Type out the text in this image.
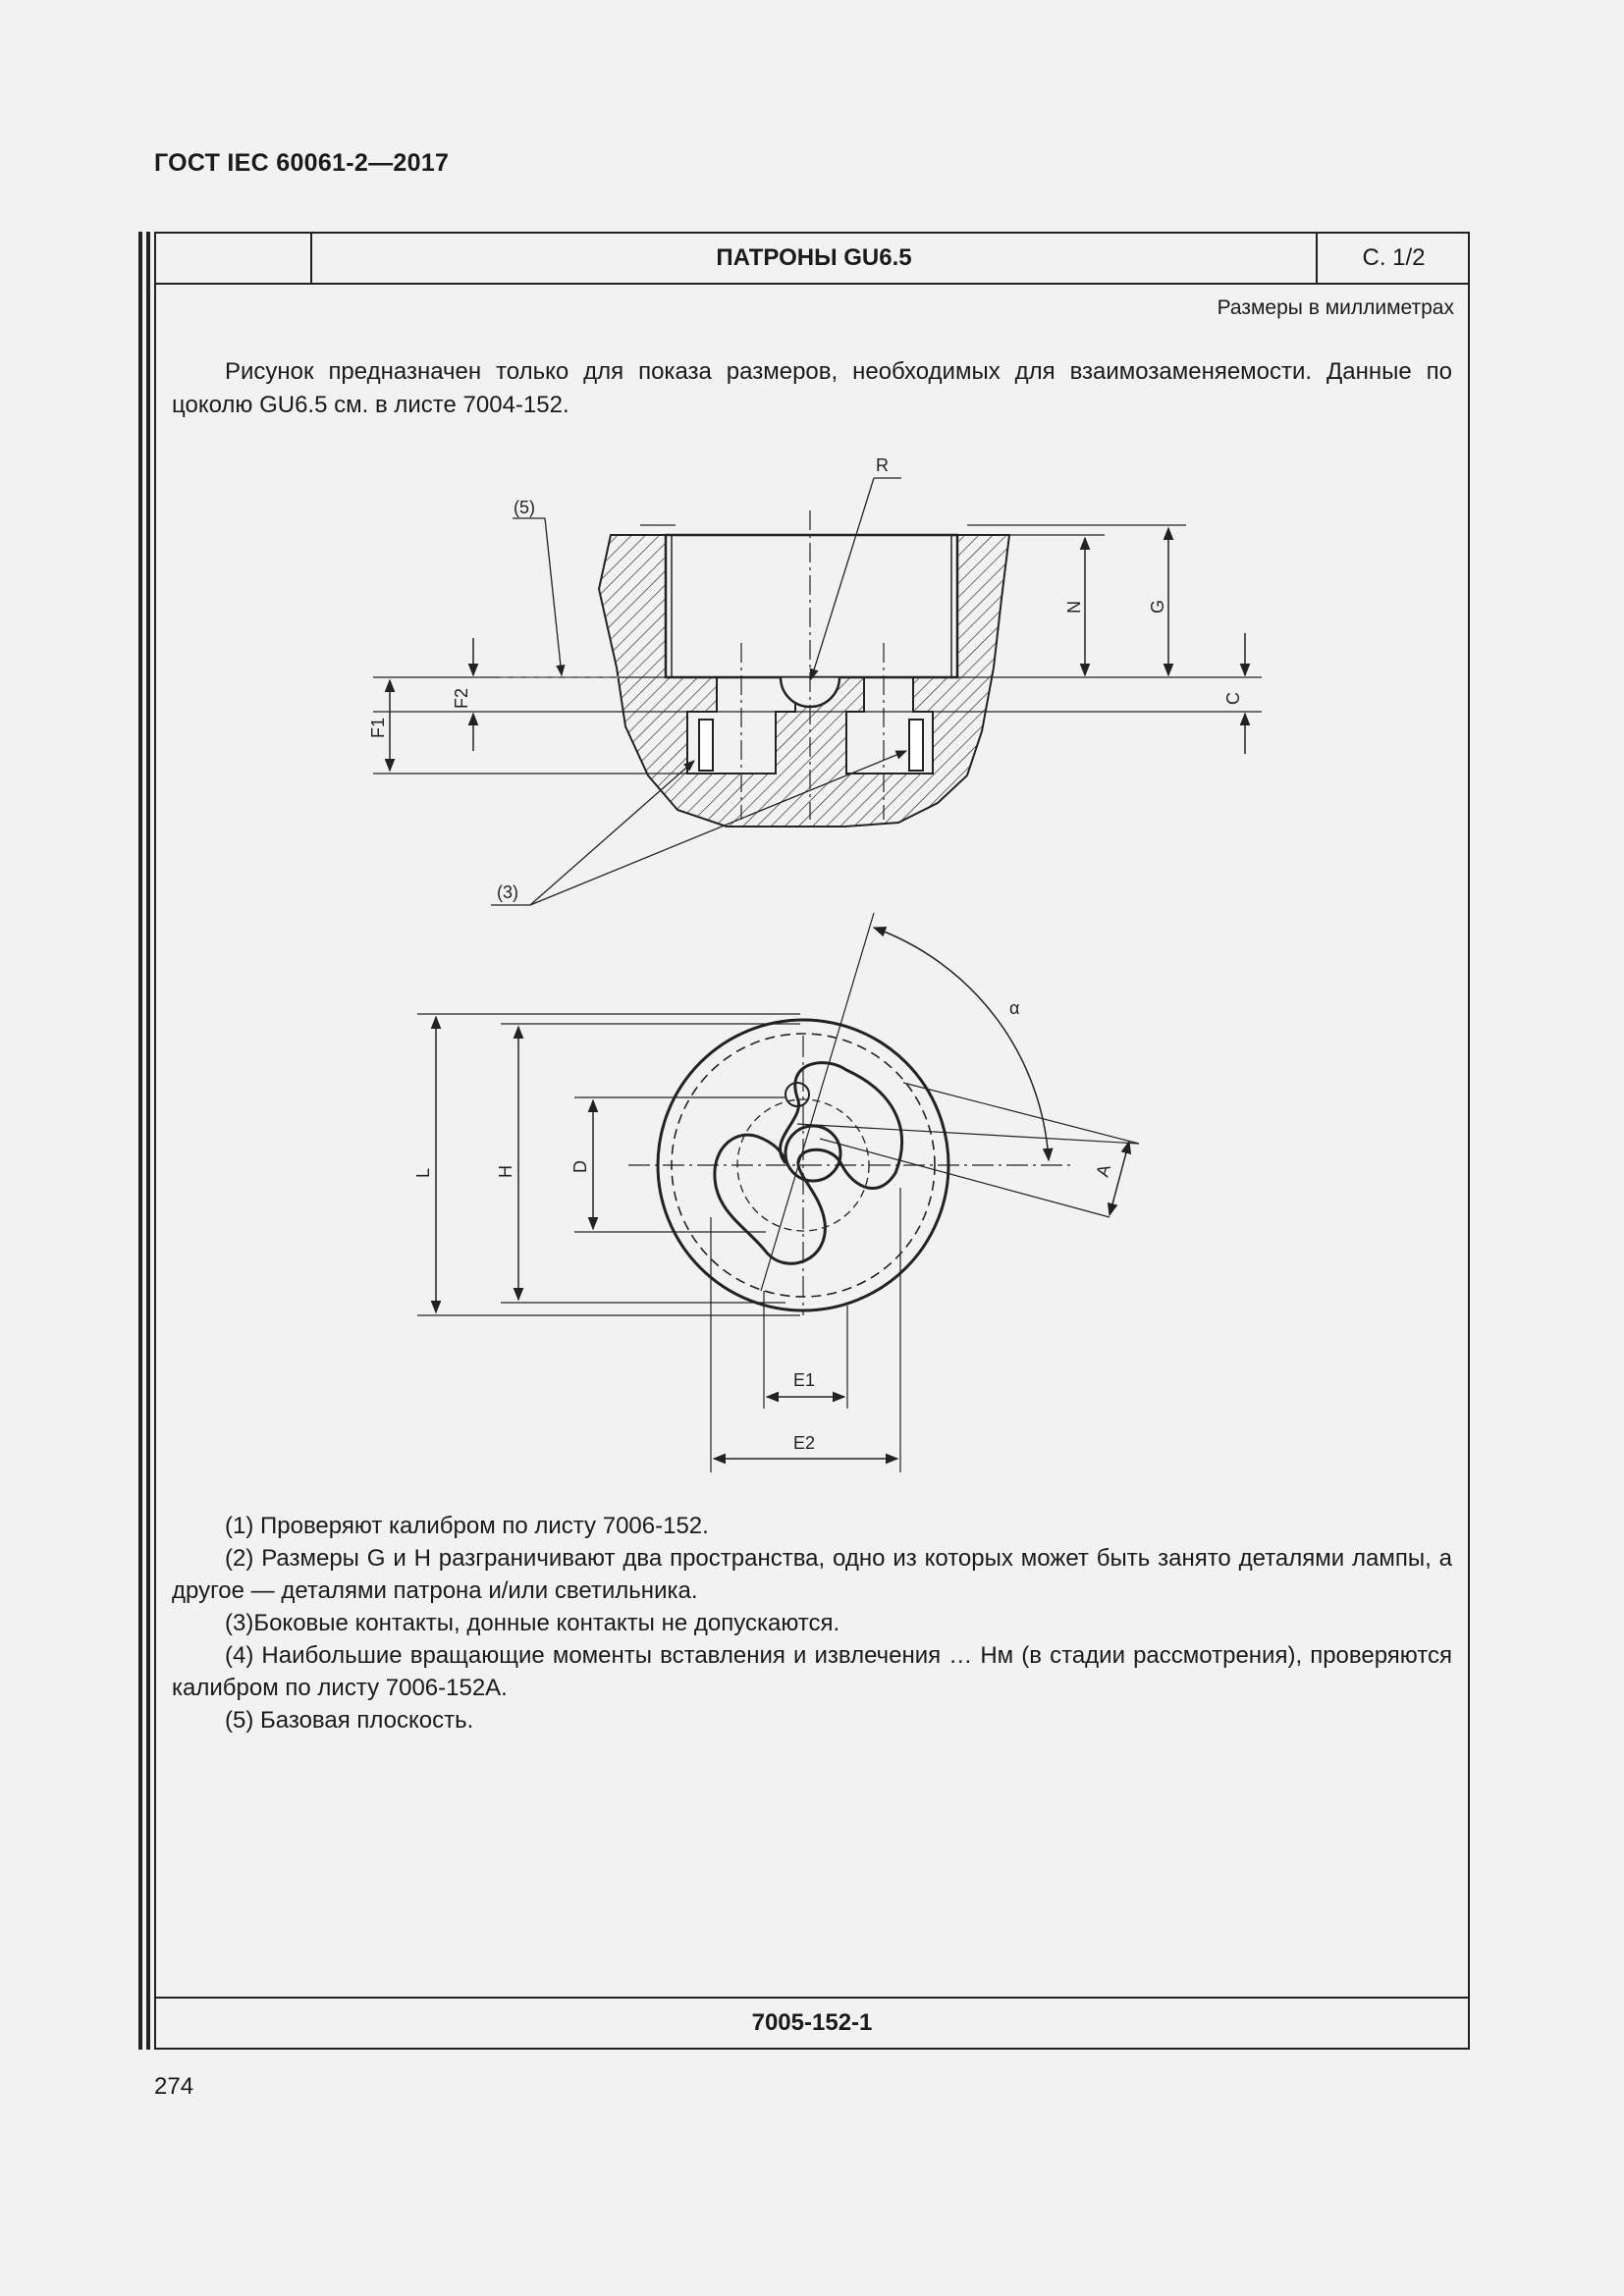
ГОСТ IEC 60061-2—2017
ПАТРОНЫ GU6.5	С. 1/2
Размеры в миллиметрах

Рисунок предназначен только для показа размеров, необходимых для взаимозаменяемости. Данные по цоколю GU6.5 см. в листе 7004-152.

(1) Проверяют калибром по листу 7006-152.

(2) Размеры G и H разграничивают два пространства, одно из которых может быть занято деталями лампы, а другое — деталями патрона и/или светильника.

(3)Боковые контакты, донные контакты не допускаются.

(4) Наибольшие вращающие моменты вставления и извлечения … Нм (в стадии рассмотрения), проверяются калибром по листу 7006-152А.

(5) Базовая плоскость.

7005-152-1
N	G
C
F2
F1
R
(5)
(3)
α
A
L	H	D
E1
E2
274
